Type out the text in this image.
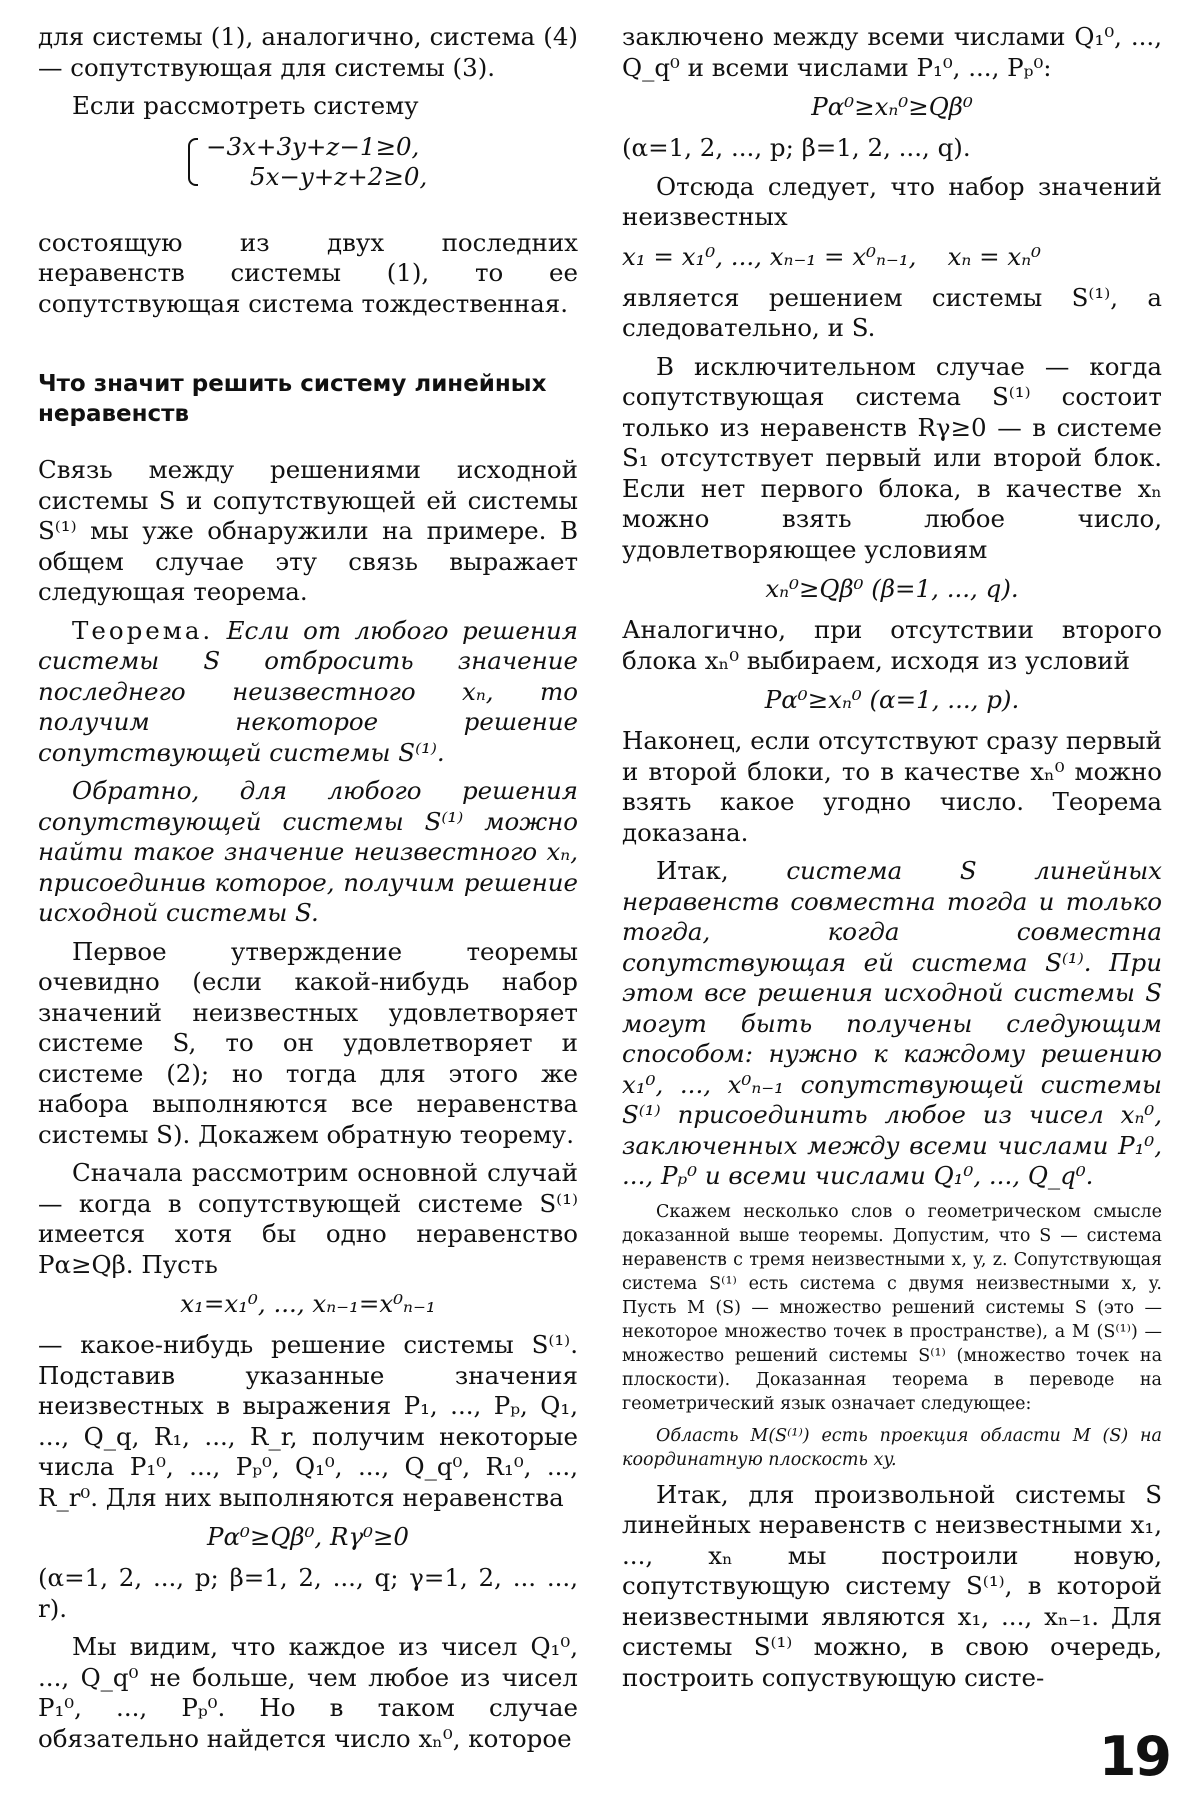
для системы (1), аналогично, система (4) — сопутствующая для системы (3).

Если рассмотреть систему

−3x+3y+z−1≥0,
5x−y+z+2≥0,

состоящую из двух последних неравенств системы (1), то ее сопутствующая система тождественная.

Что значит решить систему линейных неравенств

Связь между решениями исходной системы S и сопутствующей ей системы S⁽¹⁾ мы уже обнаружили на примере. В общем случае эту связь выражает следующая теорема.

Теорема. Если от любого решения системы S отбросить значение последнего неизвестного xₙ, то получим некоторое решение сопутствующей системы S⁽¹⁾.

Обратно, для любого решения сопутствующей системы S⁽¹⁾ можно найти такое значение неизвестного xₙ, присоединив которое, получим решение исходной системы S.

Первое утверждение теоремы очевидно (если какой-нибудь набор значений неизвестных удовлетворяет системе S, то он удовлетворяет и системе (2); но тогда для этого же набора выполняются все неравенства системы S). Докажем обратную теорему.

Сначала рассмотрим основной случай — когда в сопутствующей системе S⁽¹⁾ имеется хотя бы одно неравенство Pα≥Qβ. Пусть

x₁=x₁⁰, ..., xₙ₋₁=x⁰ₙ₋₁

— какое-нибудь решение системы S⁽¹⁾. Подставив указанные значения неизвестных в выражения P₁, ..., Pₚ, Q₁, ..., Q_q, R₁, ..., R_r, получим некоторые числа P₁⁰, ..., Pₚ⁰, Q₁⁰, ..., Q_q⁰, R₁⁰, ..., R_r⁰. Для них выполняются неравенства

Pα⁰≥Qβ⁰, Rγ⁰≥0

(α=1, 2, ..., p; β=1, 2, ..., q; γ=1, 2, ... ..., r).

Мы видим, что каждое из чисел Q₁⁰, ..., Q_q⁰ не больше, чем любое из чисел P₁⁰, ..., Pₚ⁰. Но в таком случае обязательно найдется число xₙ⁰, которое

заключено между всеми числами Q₁⁰, ..., Q_q⁰ и всеми числами P₁⁰, ..., Pₚ⁰:

Pα⁰≥xₙ⁰≥Qβ⁰

(α=1, 2, ..., p; β=1, 2, ..., q).

Отсюда следует, что набор значений неизвестных

x₁ = x₁⁰, ..., xₙ₋₁ = x⁰ₙ₋₁,    xₙ = xₙ⁰

является решением системы S⁽¹⁾, а следовательно, и S.

В исключительном случае — когда сопутствующая система S⁽¹⁾ состоит только из неравенств Rγ≥0 — в системе S₁ отсутствует первый или второй блок. Если нет первого блока, в качестве xₙ можно взять любое число, удовлетворяющее условиям

xₙ⁰≥Qβ⁰ (β=1, ..., q).

Аналогично, при отсутствии второго блока xₙ⁰ выбираем, исходя из условий

Pα⁰≥xₙ⁰ (α=1, ..., p).

Наконец, если отсутствуют сразу первый и второй блоки, то в качестве xₙ⁰ можно взять какое угодно число. Теорема доказана.

Итак, система S линейных неравенств совместна тогда и только тогда, когда совместна сопутствующая ей система S⁽¹⁾. При этом все решения исходной системы S могут быть получены следующим способом: нужно к каждому решению x₁⁰, ..., x⁰ₙ₋₁ сопутствующей системы S⁽¹⁾ присоединить любое из чисел xₙ⁰, заключенных между всеми числами P₁⁰, ..., Pₚ⁰ и всеми числами Q₁⁰, ..., Q_q⁰.

Скажем несколько слов о геометрическом смысле доказанной выше теоремы. Допустим, что S — система неравенств с тремя неизвестными x, y, z. Сопутствующая система S⁽¹⁾ есть система с двумя неизвестными x, y. Пусть M (S) — множество решений системы S (это — некоторое множество точек в пространстве), а M (S⁽¹⁾) — множество решений системы S⁽¹⁾ (множество точек на плоскости). Доказанная теорема в переводе на геометрический язык означает следующее:

Область M(S⁽¹⁾) есть проекция области M (S) на координатную плоскость xy.

Итак, для произвольной системы S линейных неравенств с неизвестными x₁, ..., xₙ мы построили новую, сопутствующую систему S⁽¹⁾, в которой неизвестными являются x₁, ..., xₙ₋₁. Для системы S⁽¹⁾ можно, в свою очередь, построить сопуствующую систе-

19
